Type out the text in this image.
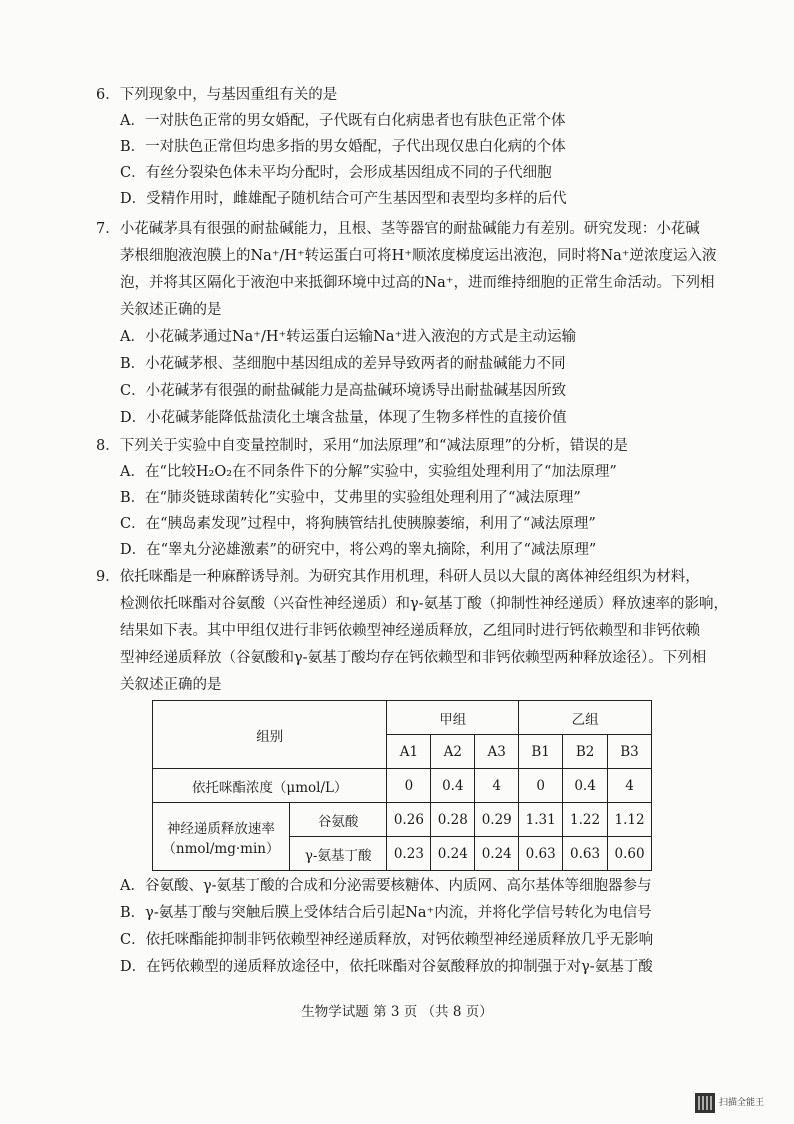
6．下列现象中，与基因重组有关的是
A．一对肤色正常的男女婚配，子代既有白化病患者也有肤色正常个体
B．一对肤色正常但均患多指的男女婚配，子代出现仅患白化病的个体
C．有丝分裂染色体未平均分配时，会形成基因组成不同的子代细胞
D．受精作用时，雌雄配子随机结合可产生基因型和表型均多样的后代
7．小花碱茅具有很强的耐盐碱能力，且根、茎等器官的耐盐碱能力有差别。研究发现：小花碱
茅根细胞液泡膜上的Na⁺/H⁺转运蛋白可将H⁺顺浓度梯度运出液泡，同时将Na⁺逆浓度运入液
泡，并将其区隔化于液泡中来抵御环境中过高的Na⁺，进而维持细胞的正常生命活动。下列相
关叙述正确的是
A．小花碱茅通过Na⁺/H⁺转运蛋白运输Na⁺进入液泡的方式是主动运输
B．小花碱茅根、茎细胞中基因组成的差异导致两者的耐盐碱能力不同
C．小花碱茅有很强的耐盐碱能力是高盐碱环境诱导出耐盐碱基因所致
D．小花碱茅能降低盐渍化土壤含盐量，体现了生物多样性的直接价值
8．下列关于实验中自变量控制时，采用“加法原理”和“减法原理”的分析，错误的是
A．在“比较H₂O₂在不同条件下的分解”实验中，实验组处理利用了“加法原理”
B．在“肺炎链球菌转化”实验中，艾弗里的实验组处理利用了“减法原理”
C．在“胰岛素发现”过程中，将狗胰管结扎使胰腺萎缩，利用了“减法原理”
D．在“睾丸分泌雄激素”的研究中，将公鸡的睾丸摘除，利用了“减法原理”
9．依托咪酯是一种麻醉诱导剂。为研究其作用机理，科研人员以大鼠的离体神经组织为材料，
检测依托咪酯对谷氨酸（兴奋性神经递质）和γ-氨基丁酸（抑制性神经递质）释放速率的影响，
结果如下表。其中甲组仅进行非钙依赖型神经递质释放，乙组同时进行钙依赖型和非钙依赖
型神经递质释放（谷氨酸和γ-氨基丁酸均存在钙依赖型和非钙依赖型两种释放途径）。下列相
关叙述正确的是
组别		甲组			乙组		
		A1	A2	A3	B1	B2	B3
依托咪酯浓度（μmol/L）		0	0.4	4	0	0.4	4

神经递质释放速率
（nmol/mg·min）	谷氨酸	0.26	0.28	0.29	1.31	1.22	1.12
	γ-氨基丁酸	0.23	0.24	0.24	0.63	0.63	0.60
A．谷氨酸、γ-氨基丁酸的合成和分泌需要核糖体、内质网、高尔基体等细胞器参与
B．γ-氨基丁酸与突触后膜上受体结合后引起Na⁺内流，并将化学信号转化为电信号
C．依托咪酯能抑制非钙依赖型神经递质释放，对钙依赖型神经递质释放几乎无影响
D．在钙依赖型的递质释放途径中，依托咪酯对谷氨酸释放的抑制强于对γ-氨基丁酸
生物学试题 第 3 页 （共 8 页）
扫描全能王
